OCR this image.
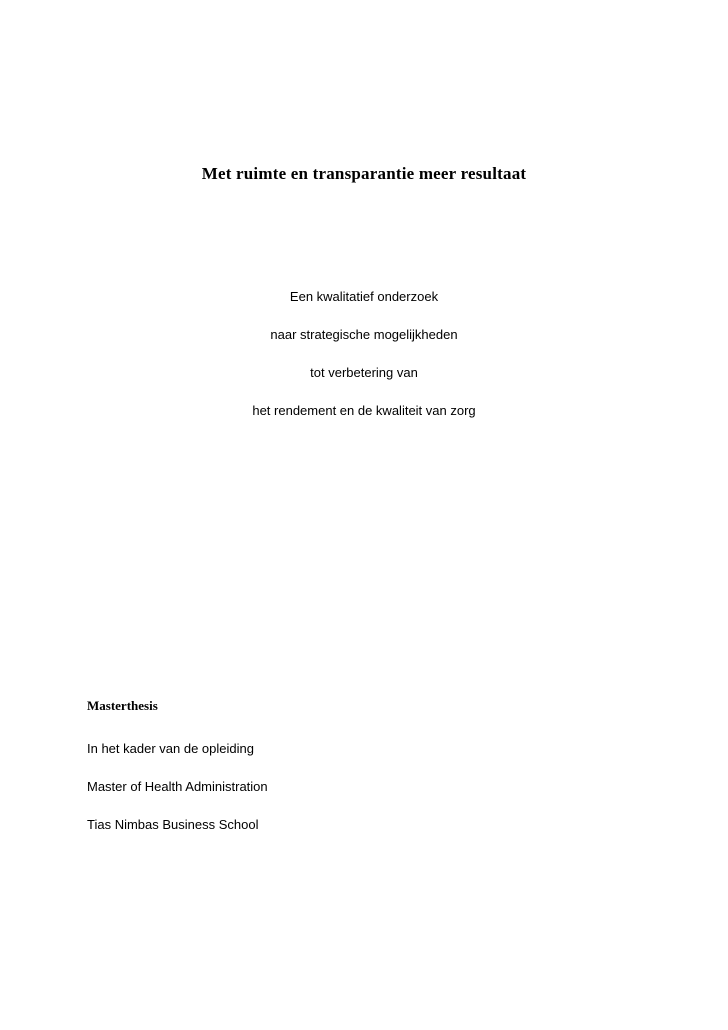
Met ruimte en transparantie meer resultaat
Een kwalitatief onderzoek
naar strategische mogelijkheden
tot verbetering van
het rendement en de kwaliteit van zorg
Masterthesis
In het kader van de opleiding
Master of Health Administration
Tias Nimbas Business School
